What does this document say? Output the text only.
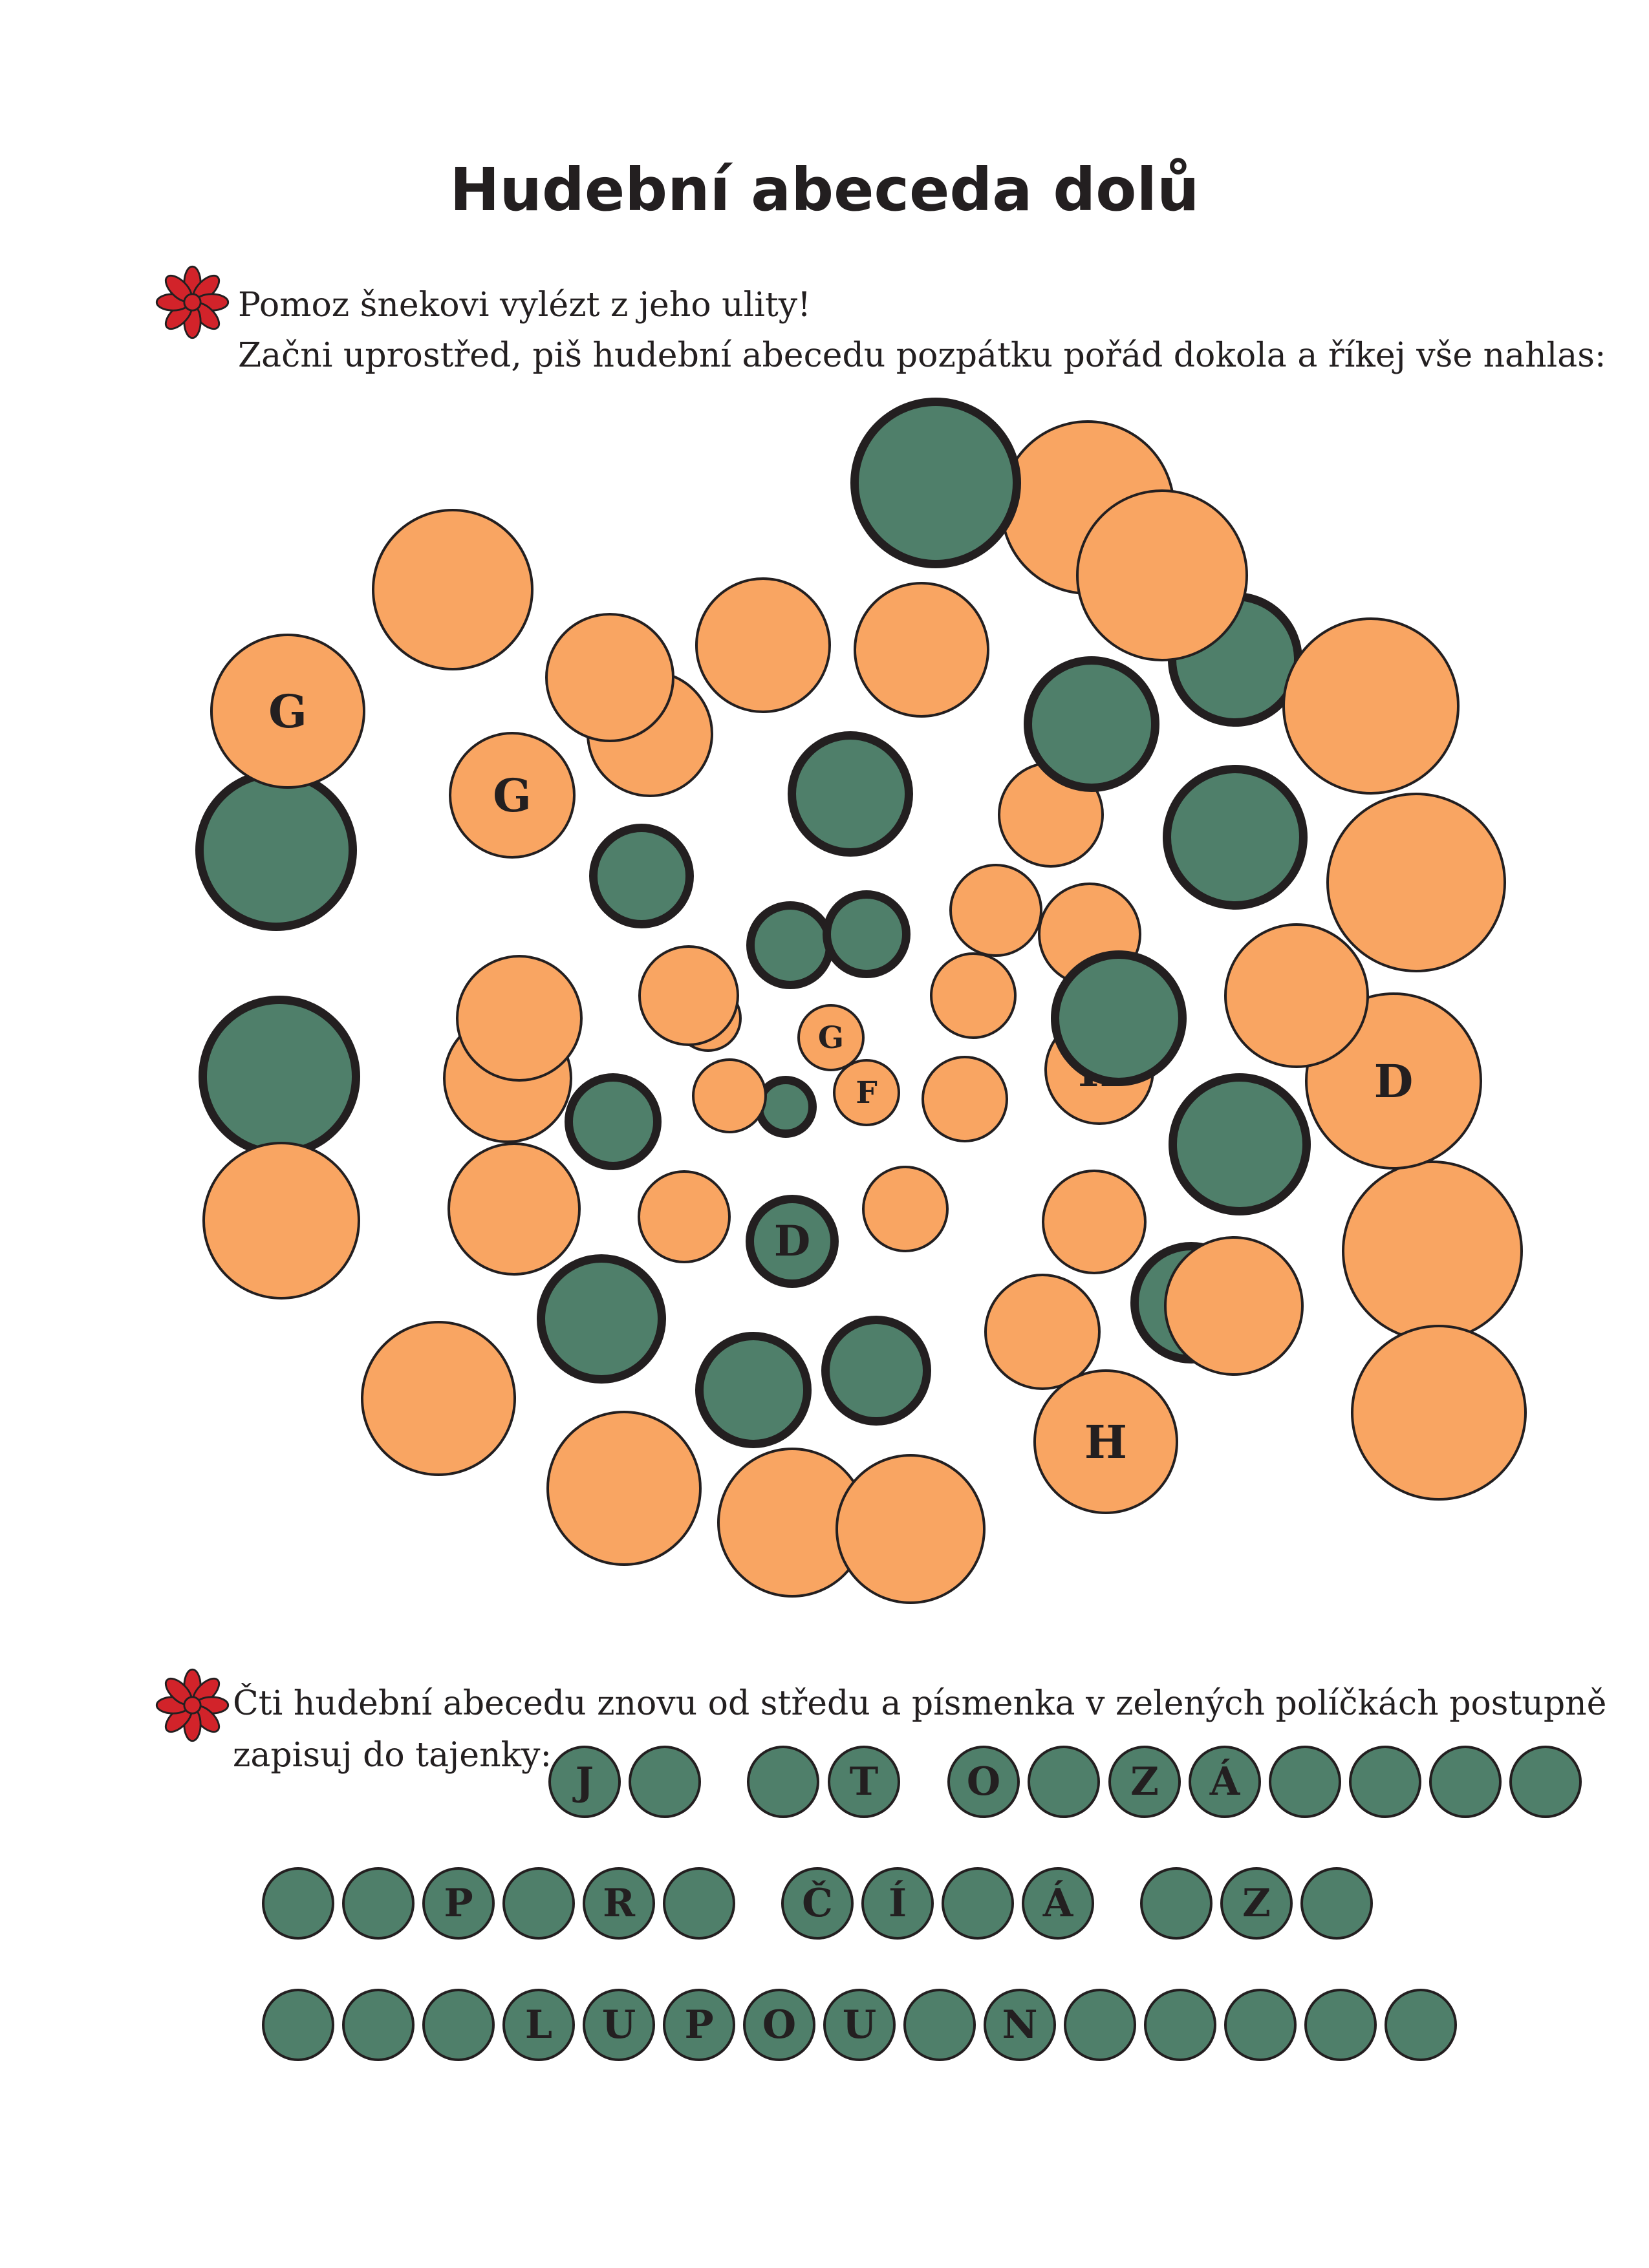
Hudební abeceda dolů
Pomoz šnekovi vylézt z jeho ulity!
Začni uprostřed, piš hudební abecedu pozpátku pořád dokola a říkej vše nahlas:
F
G
D
G
H
D
G
Čti hudební abecedu znovu od středu a písmenka v zelených políčkách postupně
zapisuj do tajenky:
J	T	O	Z	Á
P	R	Č	Í	Á	Z
L	U	P	O	U	N
